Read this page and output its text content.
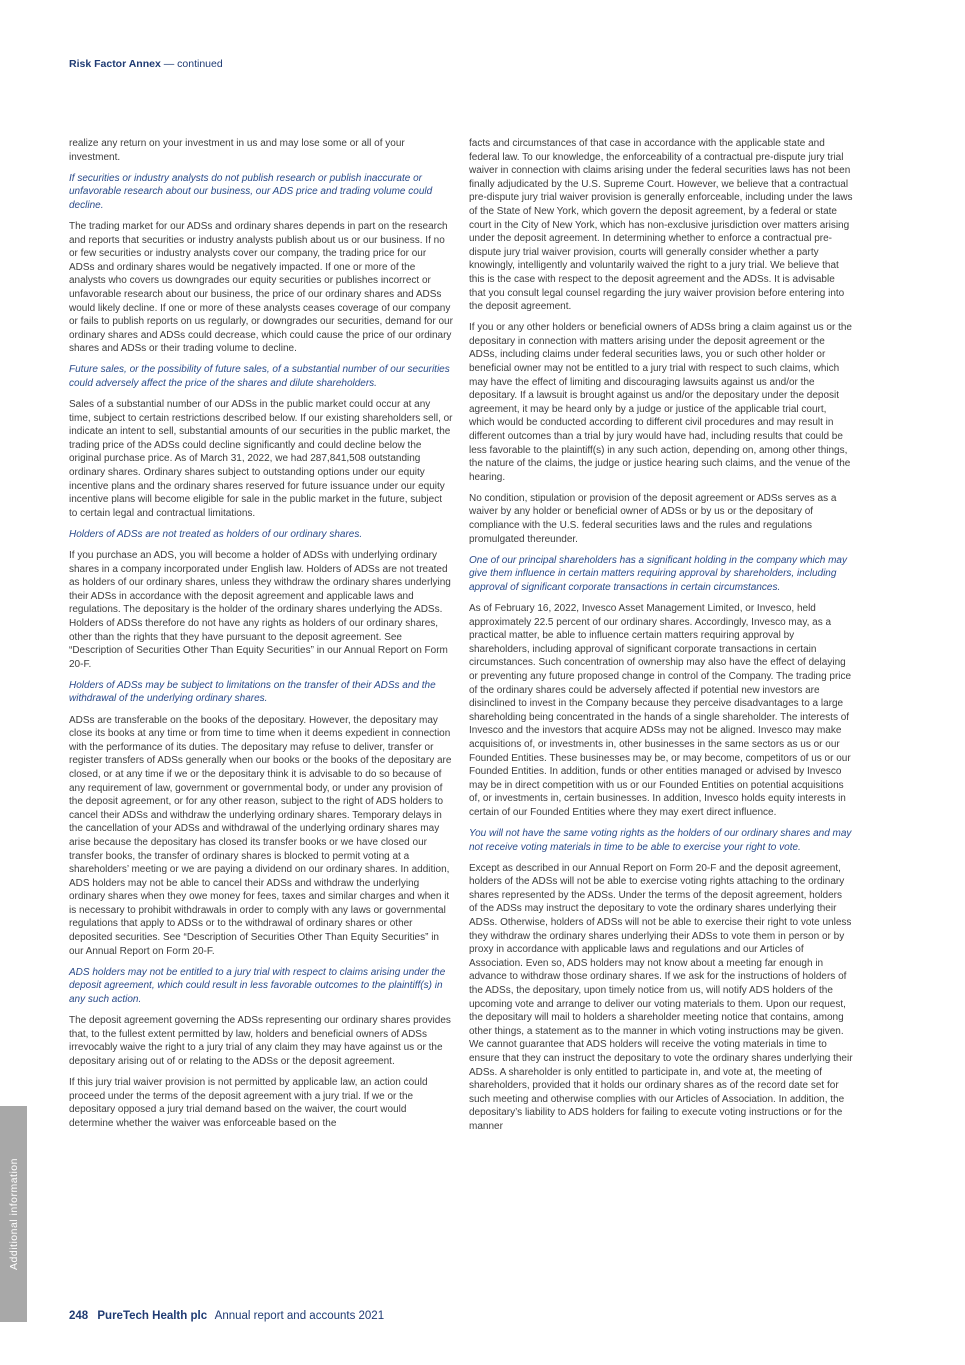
Risk Factor Annex — continued

realize any return on your investment in us and may lose some or all of your investment.

If securities or industry analysts do not publish research or publish inaccurate or unfavorable research about our business, our ADS price and trading volume could decline.

The trading market for our ADSs and ordinary shares depends in part on the research and reports that securities or industry analysts publish about us or our business. If no or few securities or industry analysts cover our company, the trading price for our ADSs and ordinary shares would be negatively impacted. If one or more of the analysts who covers us downgrades our equity securities or publishes incorrect or unfavorable research about our business, the price of our ordinary shares and ADSs would likely decline. If one or more of these analysts ceases coverage of our company or fails to publish reports on us regularly, or downgrades our securities, demand for our ordinary shares and ADSs could decrease, which could cause the price of our ordinary shares and ADSs or their trading volume to decline.

Future sales, or the possibility of future sales, of a substantial number of our securities could adversely affect the price of the shares and dilute shareholders.

Sales of a substantial number of our ADSs in the public market could occur at any time, subject to certain restrictions described below. If our existing shareholders sell, or indicate an intent to sell, substantial amounts of our securities in the public market, the trading price of the ADSs could decline significantly and could decline below the original purchase price. As of March 31, 2022, we had 287,841,508 outstanding ordinary shares. Ordinary shares subject to outstanding options under our equity incentive plans and the ordinary shares reserved for future issuance under our equity incentive plans will become eligible for sale in the public market in the future, subject to certain legal and contractual limitations.

Holders of ADSs are not treated as holders of our ordinary shares.

If you purchase an ADS, you will become a holder of ADSs with underlying ordinary shares in a company incorporated under English law. Holders of ADSs are not treated as holders of our ordinary shares, unless they withdraw the ordinary shares underlying their ADSs in accordance with the deposit agreement and applicable laws and regulations. The depositary is the holder of the ordinary shares underlying the ADSs. Holders of ADSs therefore do not have any rights as holders of our ordinary shares, other than the rights that they have pursuant to the deposit agreement. See “Description of Securities Other Than Equity Securities” in our Annual Report on Form 20-F.

Holders of ADSs may be subject to limitations on the transfer of their ADSs and the withdrawal of the underlying ordinary shares.

ADSs are transferable on the books of the depositary. However, the depositary may close its books at any time or from time to time when it deems expedient in connection with the performance of its duties. The depositary may refuse to deliver, transfer or register transfers of ADSs generally when our books or the books of the depositary are closed, or at any time if we or the depositary think it is advisable to do so because of any requirement of law, government or governmental body, or under any provision of the deposit agreement, or for any other reason, subject to the right of ADS holders to cancel their ADSs and withdraw the underlying ordinary shares. Temporary delays in the cancellation of your ADSs and withdrawal of the underlying ordinary shares may arise because the depositary has closed its transfer books or we have closed our transfer books, the transfer of ordinary shares is blocked to permit voting at a shareholders’ meeting or we are paying a dividend on our ordinary shares. In addition, ADS holders may not be able to cancel their ADSs and withdraw the underlying ordinary shares when they owe money for fees, taxes and similar charges and when it is necessary to prohibit withdrawals in order to comply with any laws or governmental regulations that apply to ADSs or to the withdrawal of ordinary shares or other deposited securities. See “Description of Securities Other Than Equity Securities” in our Annual Report on Form 20-F.

ADS holders may not be entitled to a jury trial with respect to claims arising under the deposit agreement, which could result in less favorable outcomes to the plaintiff(s) in any such action.

The deposit agreement governing the ADSs representing our ordinary shares provides that, to the fullest extent permitted by law, holders and beneficial owners of ADSs irrevocably waive the right to a jury trial of any claim they may have against us or the depositary arising out of or relating to the ADSs or the deposit agreement.

If this jury trial waiver provision is not permitted by applicable law, an action could proceed under the terms of the deposit agreement with a jury trial. If we or the depositary opposed a jury trial demand based on the waiver, the court would determine whether the waiver was enforceable based on the

facts and circumstances of that case in accordance with the applicable state and federal law. To our knowledge, the enforceability of a contractual pre-dispute jury trial waiver in connection with claims arising under the federal securities laws has not been finally adjudicated by the U.S. Supreme Court. However, we believe that a contractual pre-dispute jury trial waiver provision is generally enforceable, including under the laws of the State of New York, which govern the deposit agreement, by a federal or state court in the City of New York, which has non-exclusive jurisdiction over matters arising under the deposit agreement. In determining whether to enforce a contractual pre-dispute jury trial waiver provision, courts will generally consider whether a party knowingly, intelligently and voluntarily waived the right to a jury trial. We believe that this is the case with respect to the deposit agreement and the ADSs. It is advisable that you consult legal counsel regarding the jury waiver provision before entering into the deposit agreement.

If you or any other holders or beneficial owners of ADSs bring a claim against us or the depositary in connection with matters arising under the deposit agreement or the ADSs, including claims under federal securities laws, you or such other holder or beneficial owner may not be entitled to a jury trial with respect to such claims, which may have the effect of limiting and discouraging lawsuits against us and/or the depositary. If a lawsuit is brought against us and/or the depositary under the deposit agreement, it may be heard only by a judge or justice of the applicable trial court, which would be conducted according to different civil procedures and may result in different outcomes than a trial by jury would have had, including results that could be less favorable to the plaintiff(s) in any such action, depending on, among other things, the nature of the claims, the judge or justice hearing such claims, and the venue of the hearing.

No condition, stipulation or provision of the deposit agreement or ADSs serves as a waiver by any holder or beneficial owner of ADSs or by us or the depositary of compliance with the U.S. federal securities laws and the rules and regulations promulgated thereunder.

One of our principal shareholders has a significant holding in the company which may give them influence in certain matters requiring approval by shareholders, including approval of significant corporate transactions in certain circumstances.

As of February 16, 2022, Invesco Asset Management Limited, or Invesco, held approximately 22.5 percent of our ordinary shares. Accordingly, Invesco may, as a practical matter, be able to influence certain matters requiring approval by shareholders, including approval of significant corporate transactions in certain circumstances. Such concentration of ownership may also have the effect of delaying or preventing any future proposed change in control of the Company. The trading price of the ordinary shares could be adversely affected if potential new investors are disinclined to invest in the Company because they perceive disadvantages to a large shareholding being concentrated in the hands of a single shareholder. The interests of Invesco and the investors that acquire ADSs may not be aligned. Invesco may make acquisitions of, or investments in, other businesses in the same sectors as us or our Founded Entities. These businesses may be, or may become, competitors of us or our Founded Entities. In addition, funds or other entities managed or advised by Invesco may be in direct competition with us or our Founded Entities on potential acquisitions of, or investments in, certain businesses. In addition, Invesco holds equity interests in certain of our Founded Entities where they may exert direct influence.

You will not have the same voting rights as the holders of our ordinary shares and may not receive voting materials in time to be able to exercise your right to vote.

Except as described in our Annual Report on Form 20-F and the deposit agreement, holders of the ADSs will not be able to exercise voting rights attaching to the ordinary shares represented by the ADSs. Under the terms of the deposit agreement, holders of the ADSs may instruct the depositary to vote the ordinary shares underlying their ADSs. Otherwise, holders of ADSs will not be able to exercise their right to vote unless they withdraw the ordinary shares underlying their ADSs to vote them in person or by proxy in accordance with applicable laws and regulations and our Articles of Association. Even so, ADS holders may not know about a meeting far enough in advance to withdraw those ordinary shares. If we ask for the instructions of holders of the ADSs, the depositary, upon timely notice from us, will notify ADS holders of the upcoming vote and arrange to deliver our voting materials to them. Upon our request, the depositary will mail to holders a shareholder meeting notice that contains, among other things, a statement as to the manner in which voting instructions may be given. We cannot guarantee that ADS holders will receive the voting materials in time to ensure that they can instruct the depositary to vote the ordinary shares underlying their ADSs. A shareholder is only entitled to participate in, and vote at, the meeting of shareholders, provided that it holds our ordinary shares as of the record date set for such meeting and otherwise complies with our Articles of Association. In addition, the depositary’s liability to ADS holders for failing to execute voting instructions or for the manner

Additional information
248 PureTech Health plc Annual report and accounts 2021
